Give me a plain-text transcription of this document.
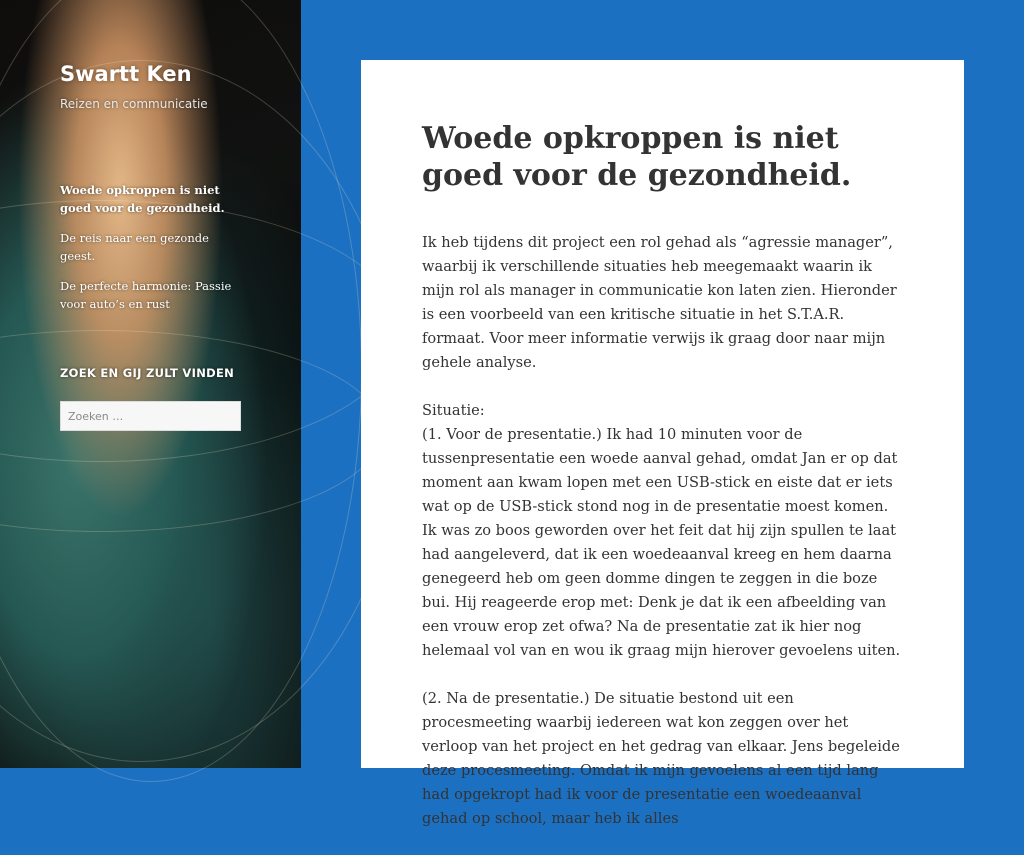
Swartt Ken
Reizen en communicatie
Woede opkroppen is niet goed voor de gezondheid.
De reis naar een gezonde geest.
De perfecte harmonie: Passie voor auto’s en rust
ZOEK EN GIJ ZULT VINDEN
Zoeken …
Woede opkroppen is niet goed voor de gezondheid.

Ik heb tijdens dit project een rol gehad als “agressie manager”, waarbij ik verschillende situaties heb meegemaakt waarin ik mijn rol als manager in communicatie kon laten zien. Hieronder is een voorbeeld van een kritische situatie in het S.T.A.R. formaat. Voor meer informatie verwijs ik graag door naar mijn gehele analyse.

Situatie:
(1. Voor de presentatie.) Ik had 10 minuten voor de tussenpresentatie een woede aanval gehad, omdat Jan er op dat moment aan kwam lopen met een USB-stick en eiste dat er iets wat op de USB-stick stond nog in de presentatie moest komen. Ik was zo boos geworden over het feit dat hij zijn spullen te laat had aangeleverd, dat ik een woedeaanval kreeg en hem daarna genegeerd heb om geen domme dingen te zeggen in die boze bui. Hij reageerde erop met: Denk je dat ik een afbeelding van een vrouw erop zet ofwa? Na de presentatie zat ik hier nog helemaal vol van en wou ik graag mijn hierover gevoelens uiten.

(2. Na de presentatie.) De situatie bestond uit een procesmeeting waarbij iedereen wat kon zeggen over het verloop van het project en het gedrag van elkaar. Jens begeleide deze procesmeeting. Omdat ik mijn gevoelens al een tijd lang had opgekropt had ik voor de presentatie een woedeaanval gehad op school, maar heb ik alles
